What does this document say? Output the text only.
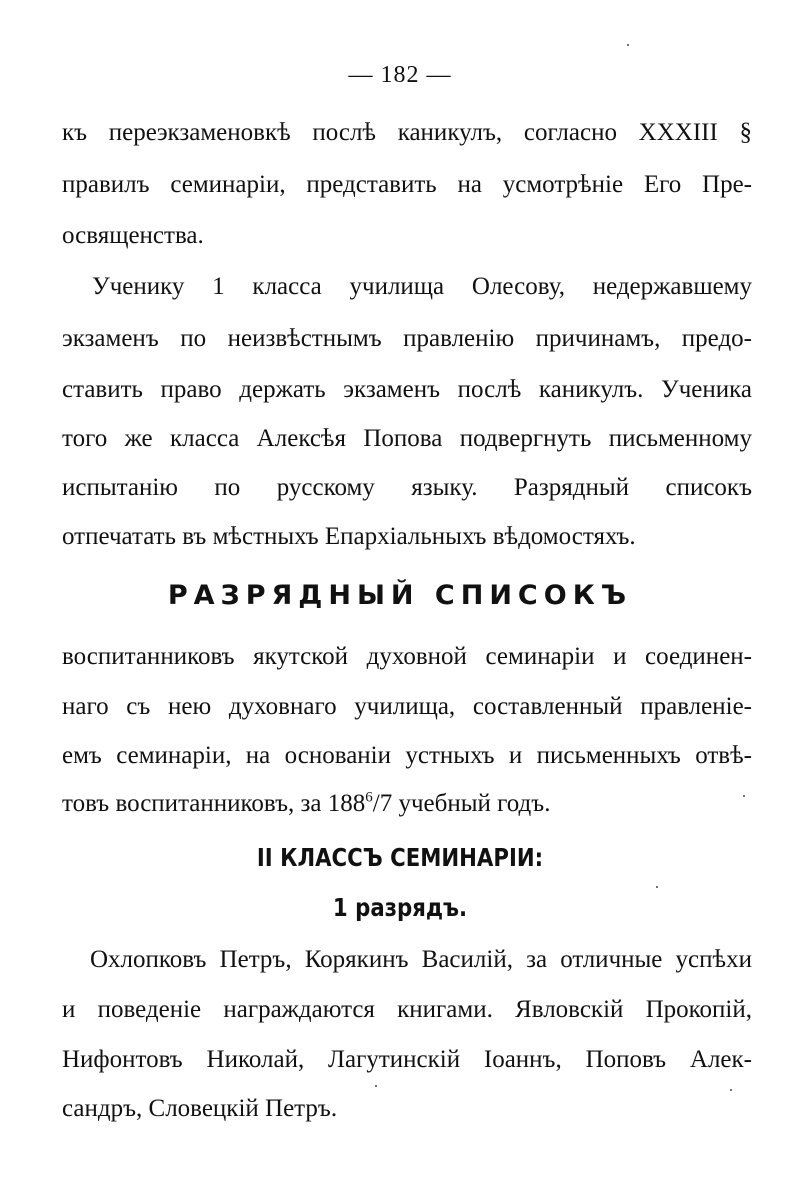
— 182 —
къ переэкзаменовкѣ послѣ каникулъ, согласно XXXIII §
правилъ семинаріи, представить на усмотрѣніе Его Пре-
освященства.
Ученику 1 класса училища Олесову, недержавшему
экзаменъ по неизвѣстнымъ правленію причинамъ, предо-
ставить право держать экзаменъ послѣ каникулъ. Ученика
того же класса Алексѣя Попова подвергнуть письменному
испытанію по русскому языку. Разрядный списокъ
отпечатать въ мѣстныхъ Епархіальныхъ вѣдомостяхъ.
РАЗРЯДНЫЙ СПИСОКЪ
воспитанниковъ якутской духовной семинаріи и соединен-
наго съ нею духовнаго училища, составленный правленіе-
емъ семинаріи, на основаніи устныхъ и письменныхъ отвѣ-
товъ воспитанниковъ, за $188^6/7$ учебный годъ.
II КЛАССЪ СЕМИНАРІИ:
1 разрядъ.
Охлопковъ Петръ, Корякинъ Василій, за отличные успѣхи
и поведеніе награждаются книгами. Явловскій Прокопій,
Нифонтовъ Николай, Лагутинскій Іоаннъ, Поповъ Алек-
сандръ, Словецкій Петръ.
